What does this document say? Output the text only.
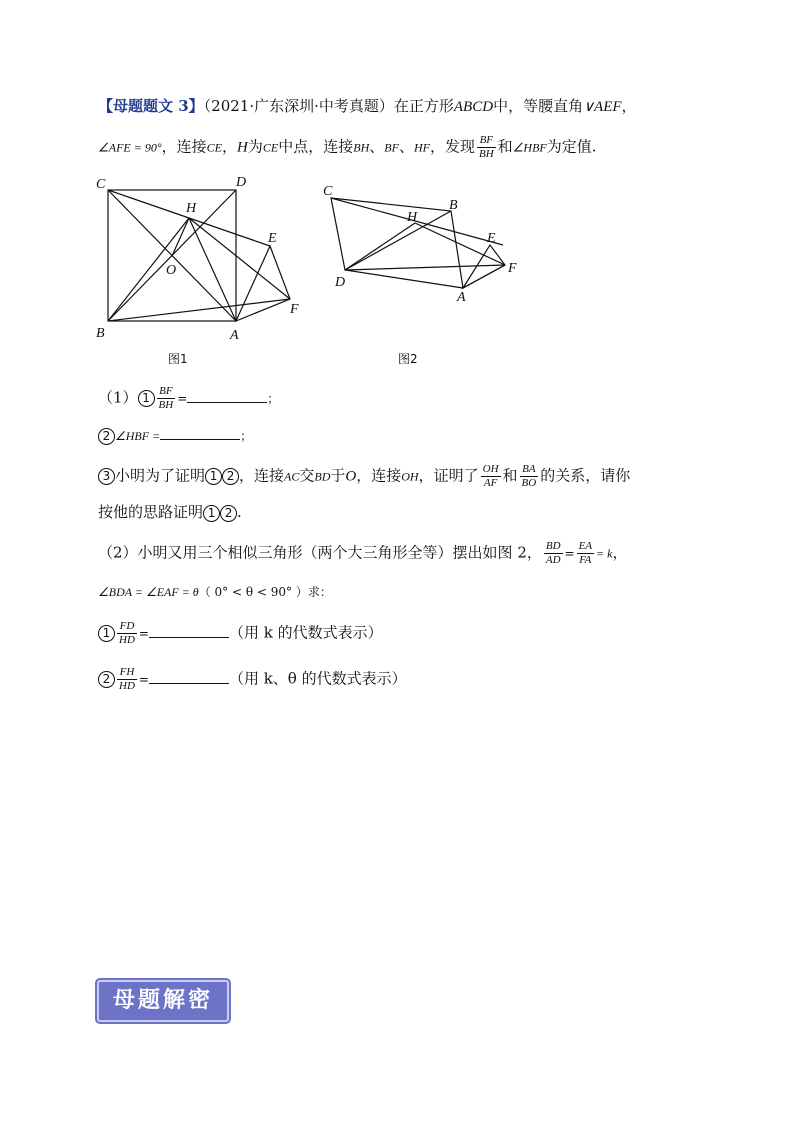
【母题题文 3】（2021·广东深圳·中考真题）在正方形ABCD中，等腰直角∨AEF，
∠AFE = 90°，连接CE，H为CE中点，连接BH、BF、HF，发现 $\frac{BF}{BH}$ 和∠HBF为定值.
C	D
H
E
O
F
B	A
图1
C
B
H
E
F
D
A
图2
（1） $1 \frac{BF}{BH}$ =	；
2 ∠HBF =	；
3 小明为了证明 1 2 ，连接AC交BD于O，连接OH，证明了 $\frac{OH}{AF}$ 和 $\frac{BA}{BO}$ 的关系，请你
按他的思路证明 1 2 .
（2）小明又用三个相似三角形（两个大三角形全等）摆出如图 2， $\frac{BD}{AD} = \frac{EA}{FA} = k$，
∠BDA = ∠EAF = θ（ 0° < θ < 90° ）求：
$1 \frac{FD}{HD}$ =	（用 k 的代数式表示）
$2 \frac{FH}{HD}$ =	（用 k、θ 的代数式表示）
母题解密
